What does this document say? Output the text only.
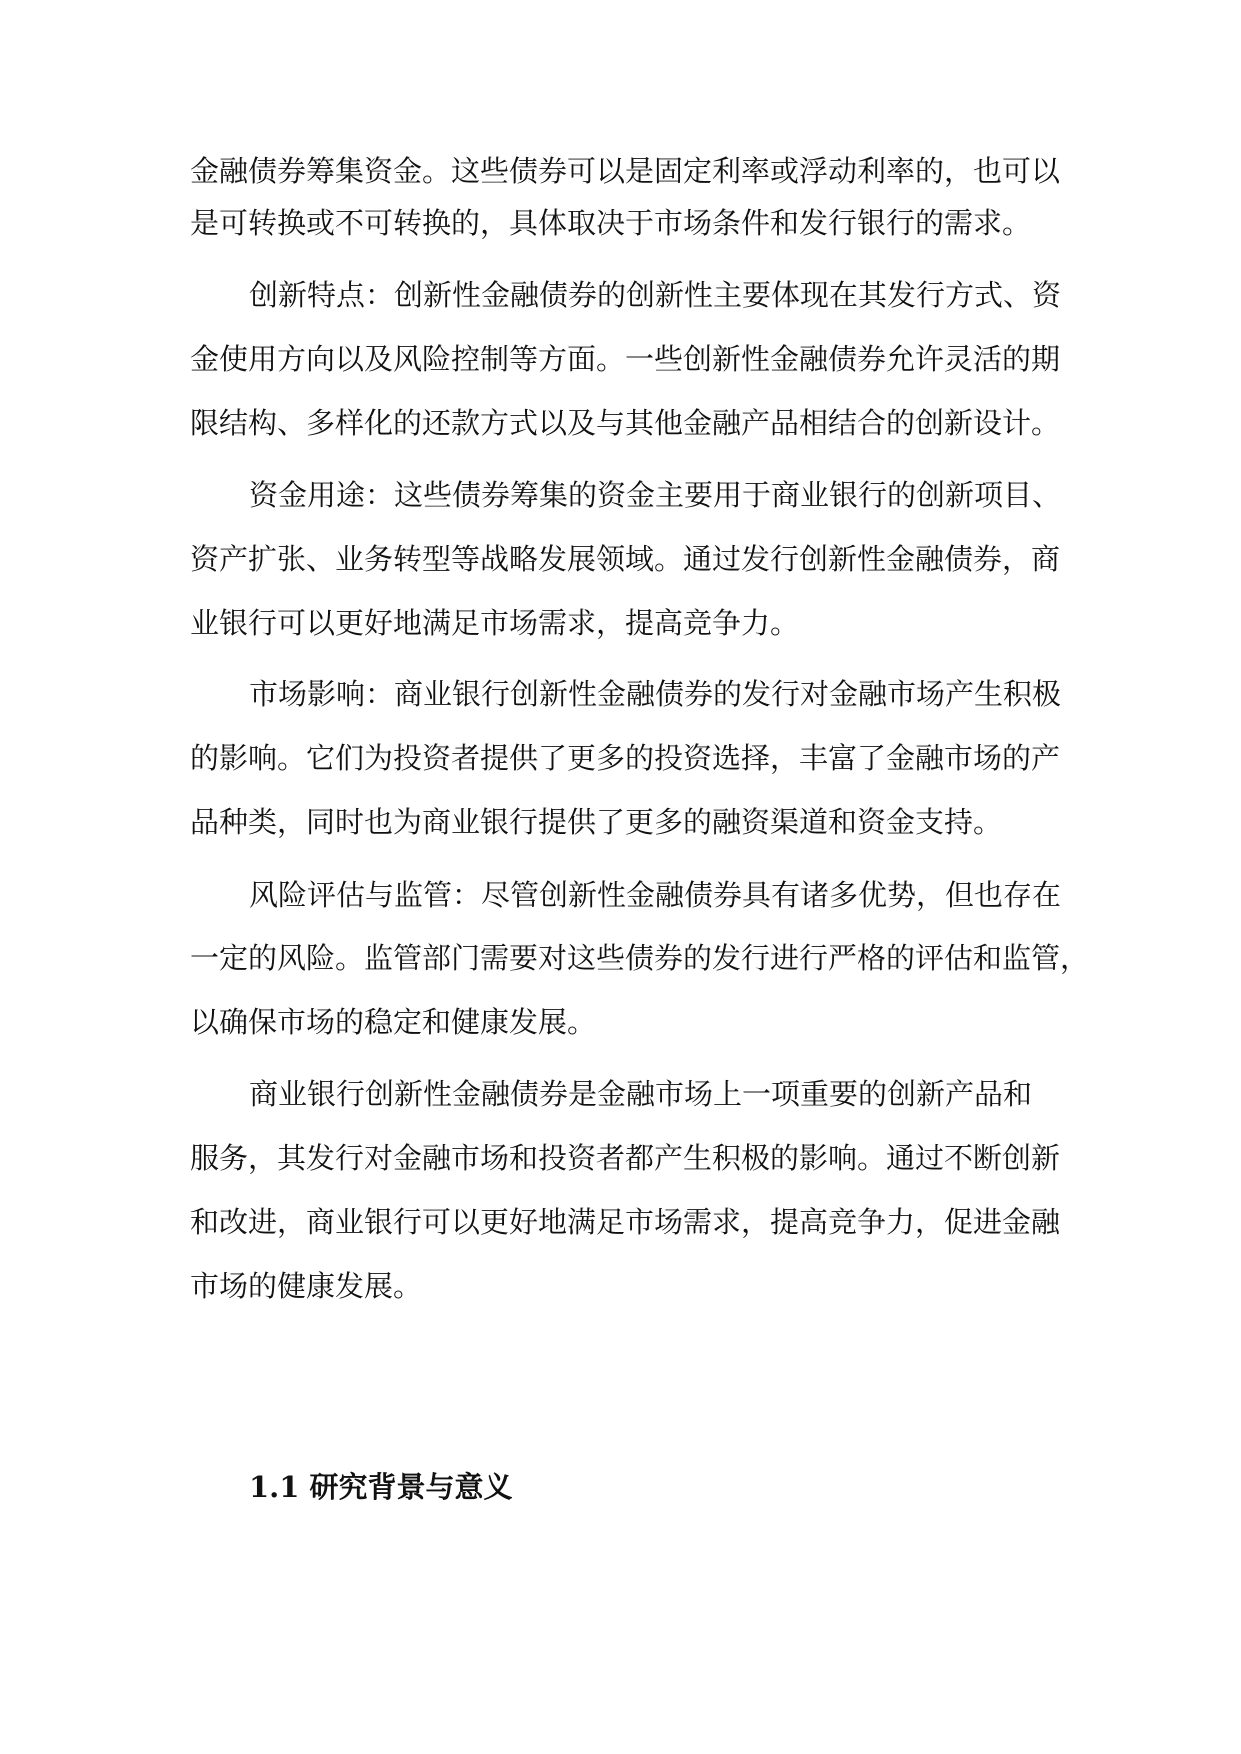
金融债券筹集资金。这些债券可以是固定利率或浮动利率的，也可以
是可转换或不可转换的，具体取决于市场条件和发行银行的需求。
创新特点：创新性金融债券的创新性主要体现在其发行方式、资
金使用方向以及风险控制等方面。一些创新性金融债券允许灵活的期
限结构、多样化的还款方式以及与其他金融产品相结合的创新设计。
资金用途：这些债券筹集的资金主要用于商业银行的创新项目、
资产扩张、业务转型等战略发展领域。通过发行创新性金融债券，商
业银行可以更好地满足市场需求，提高竞争力。
市场影响：商业银行创新性金融债券的发行对金融市场产生积极
的影响。它们为投资者提供了更多的投资选择，丰富了金融市场的产
品种类，同时也为商业银行提供了更多的融资渠道和资金支持。
风险评估与监管：尽管创新性金融债券具有诸多优势，但也存在
一定的风险。监管部门需要对这些债券的发行进行严格的评估和监管，
以确保市场的稳定和健康发展。
商业银行创新性金融债券是金融市场上一项重要的创新产品和
服务，其发行对金融市场和投资者都产生积极的影响。通过不断创新
和改进，商业银行可以更好地满足市场需求，提高竞争力，促进金融
市场的健康发展。
1.1 研究背景与意义
